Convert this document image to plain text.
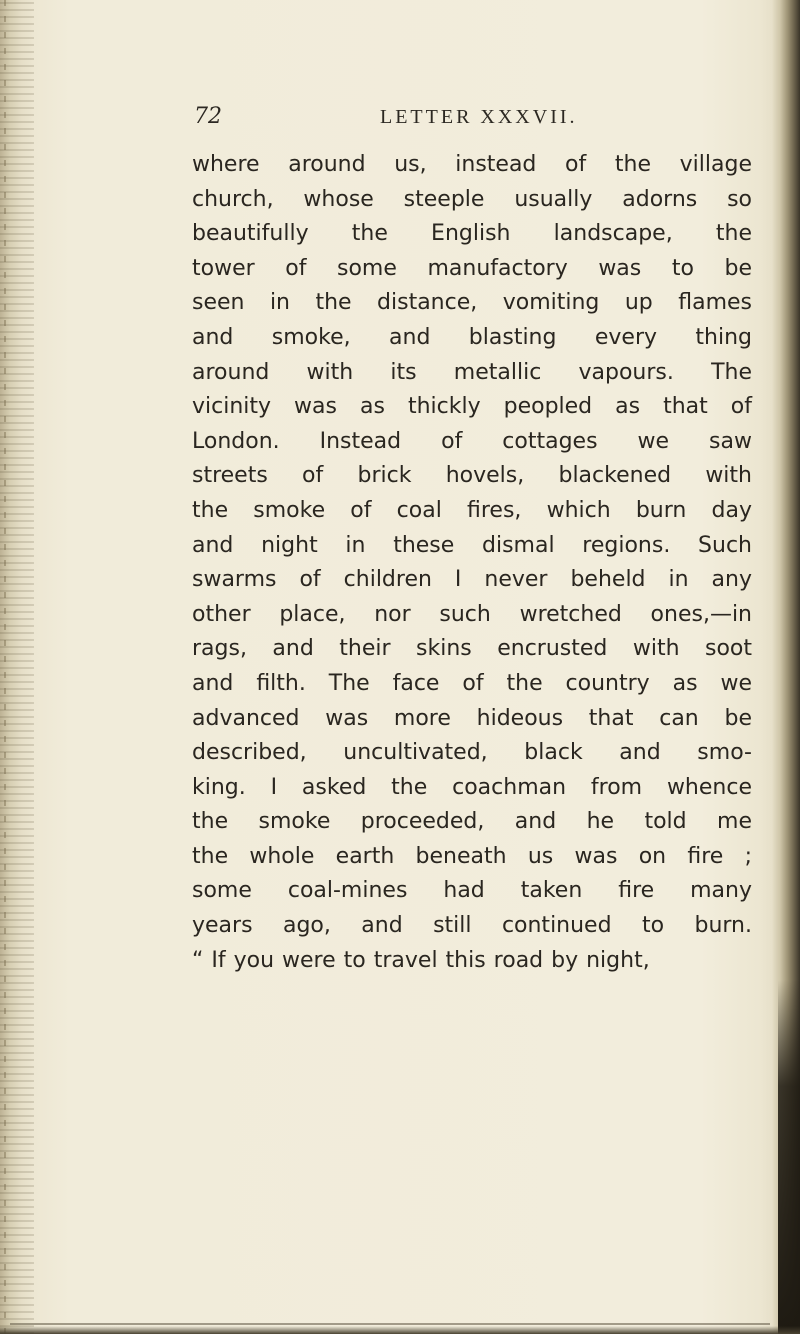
72	LETTER XXXVII.
where around us, instead of the village
church, whose steeple usually adorns so
beautifully the English landscape, the
tower of some manufactory was to be
seen in the distance, vomiting up flames
and smoke, and blasting every thing
around with its metallic vapours. The
vicinity was as thickly peopled as that of
London. Instead of cottages we saw
streets of brick hovels, blackened with
the smoke of coal fires, which burn day
and night in these dismal regions. Such
swarms of children I never beheld in any
other place, nor such wretched ones,—in
rags, and their skins encrusted with soot
and filth. The face of the country as we
advanced was more hideous that can be
described, uncultivated, black and smo-
king. I asked the coachman from whence
the smoke proceeded, and he told me
the whole earth beneath us was on fire ;
some coal-mines had taken fire many
years ago, and still continued to burn.
“ If you were to travel this road by night,
